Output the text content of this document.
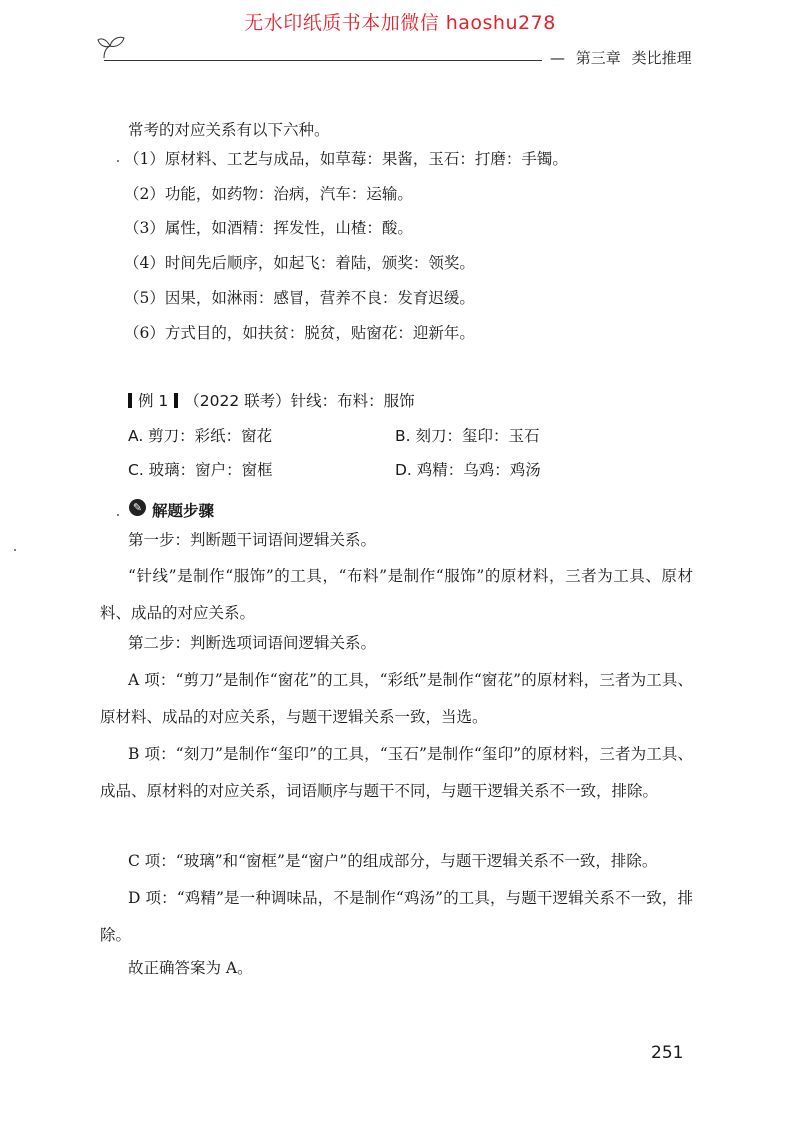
无水印纸质书本加微信 haoshu278
— 第三章 类比推理
常考的对应关系有以下六种。
（1）原材料、工艺与成品，如草莓：果酱，玉石：打磨：手镯。
（2）功能，如药物：治病，汽车：运输。
（3）属性，如酒精：挥发性，山楂：酸。
（4）时间先后顺序，如起飞：着陆，颁奖：领奖。
（5）因果，如淋雨：感冒，营养不良：发育迟缓。
（6）方式目的，如扶贫：脱贫，贴窗花：迎新年。
例 1 （2022 联考）针线：布料：服饰
A. 剪刀：彩纸：窗花	B. 刻刀：玺印：玉石
C. 玻璃：窗户：窗框	D. 鸡精：乌鸡：鸡汤
✎ 解题步骤
第一步：判断题干词语间逻辑关系。
“针线”是制作“服饰”的工具，“布料”是制作“服饰”的原材料，三者为工具、原材料、成品的对应关系。
第二步：判断选项词语间逻辑关系。
A 项：“剪刀”是制作“窗花”的工具，“彩纸”是制作“窗花”的原材料，三者为工具、原材料、成品的对应关系，与题干逻辑关系一致，当选。
B 项：“刻刀”是制作“玺印”的工具，“玉石”是制作“玺印”的原材料，三者为工具、成品、原材料的对应关系，词语顺序与题干不同，与题干逻辑关系不一致，排除。
C 项：“玻璃”和“窗框”是“窗户”的组成部分，与题干逻辑关系不一致，排除。
D 项：“鸡精”是一种调味品，不是制作“鸡汤”的工具，与题干逻辑关系不一致，排除。
故正确答案为 A。
251
